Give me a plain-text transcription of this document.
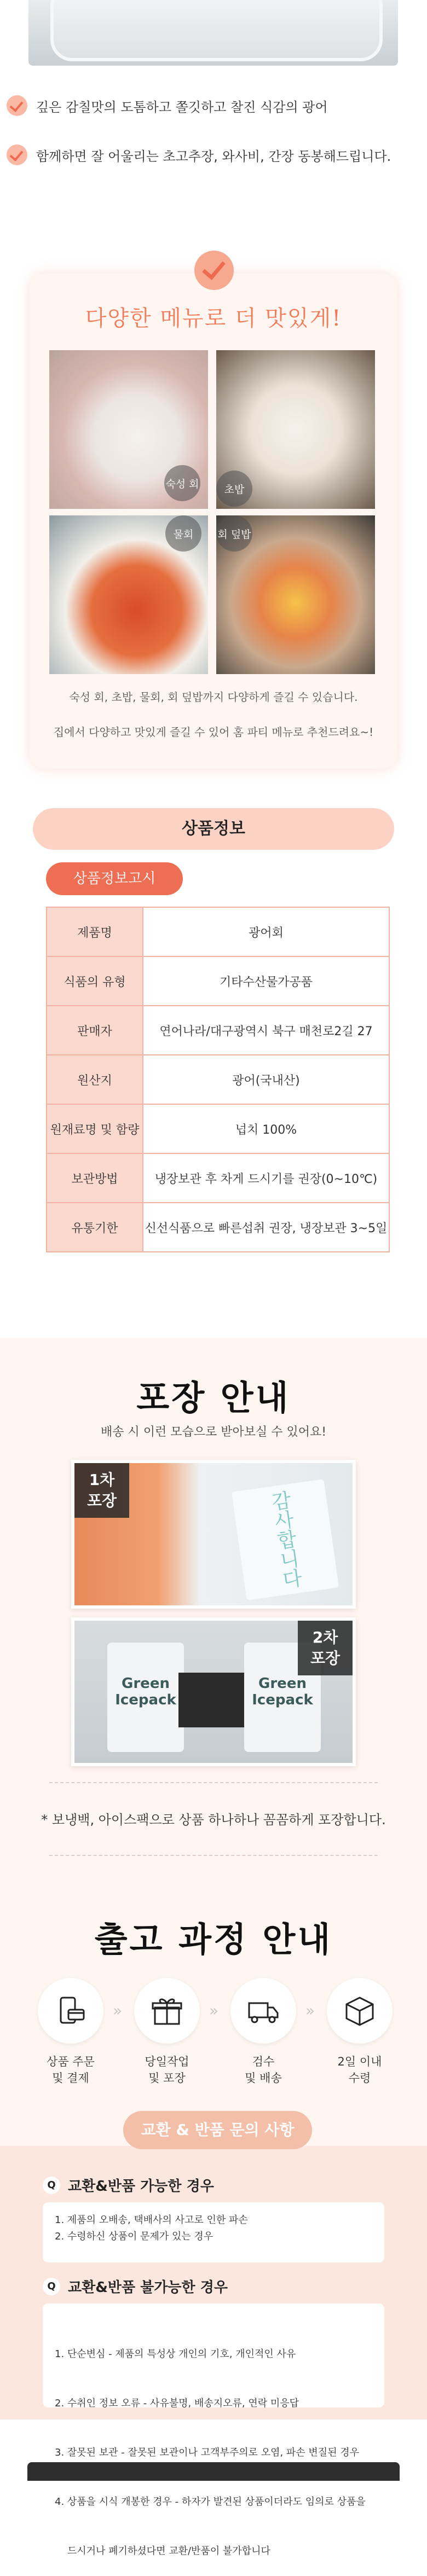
깊은 감칠맛의 도톰하고 쫄깃하고 찰진 식감의 광어
함께하면 잘 어울리는 초고추장, 와사비, 간장 동봉해드립니다.
다양한 메뉴로 더 맛있게!
숙성 회	초밥
물회	회 덮밥
숙성 회, 초밥, 물회, 회 덮밥까지 다양하게 즐길 수 있습니다.
집에서 다양하고 맛있게 즐길 수 있어 홈 파티 메뉴로 추천드려요~!
상품정보
상품정보고시
제품명	광어회
식품의 유형	기타수산물가공품
판매자	연어나라/대구광역시 북구 매천로2길 27
원산지	광어(국내산)
원재료명 및 함량	넙치 100%
보관방법	냉장보관 후 차게 드시기를 권장(0~10℃)
유통기한	신선식품으로 빠른섭취 권장, 냉장보관 3~5일
포장 안내
배송 시 이런 모습으로 받아보실 수 있어요!
1차
포장	감사합니다
Green Icepack
Green Icepack
2차
포장
* 보냉백, 아이스팩으로 상품 하나하나 꼼꼼하게 포장합니다.
출고 과정 안내
상품 주문
및 결제
»
당일작업
및 포장
»
검수
및 배송
»
2일 이내
수령
교환 & 반품 문의 사항
Q 교환&반품 가능한 경우
1. 제품의 오배송, 택배사의 사고로 인한 파손
2. 수령하신 상품이 문제가 있는 경우
Q 교환&반품 불가능한 경우

1. 단순변심 - 제품의 특성상 개인의 기호, 개인적인 사유

2. 수취인 정보 오류 - 사유불명, 배송지오류, 연락 미응답

3. 잘못된 보관 - 잘못된 보관이나 고객부주의로 오염, 파손 변질된 경우

4. 상품을 시식 개봉한 경우 - 하자가 발견된 상품이더라도 임의로 상품을

드시거나 폐기하셨다면 교환/반품이 불가합니다
